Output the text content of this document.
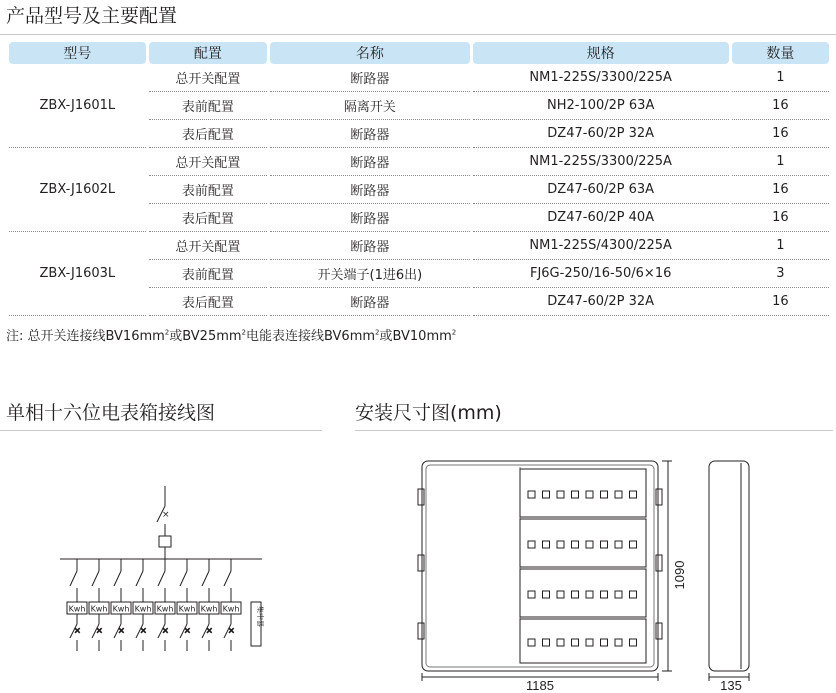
产品型号及主要配置
型号	配置	名称	规格	数量
ZBX-J1601L	总开关配置	断路器	NM1-225S/3300/225A	1
	表前配置	隔离开关	NH2-100/2P 63A	16
	表后配置	断路器	DZ47-60/2P 32A	16
ZBX-J1602L	总开关配置	断路器	NM1-225S/3300/225A	1
	表前配置	断路器	DZ47-60/2P 63A	16
	表后配置	断路器	DZ47-60/2P 40A	16
ZBX-J1603L	总开关配置	断路器	NM1-225S/4300/225A	1
	表前配置	开关端子(1进6出)	FJ6G-250/16-50/6×16	3
	表后配置	断路器	DZ47-60/2P 32A	16
注: 总开关连接线$BV16mm^2$或$BV25mm^2$电能表连接线$BV6mm^2$或$BV10mm^2$
单相十六位电表箱接线图	安装尺寸图(mm)
×
× × × × × × × ×
Kwh Kwh Kwh Kwh Kwh Kwh Kwh Kwh 集中器
1090
1185	135
